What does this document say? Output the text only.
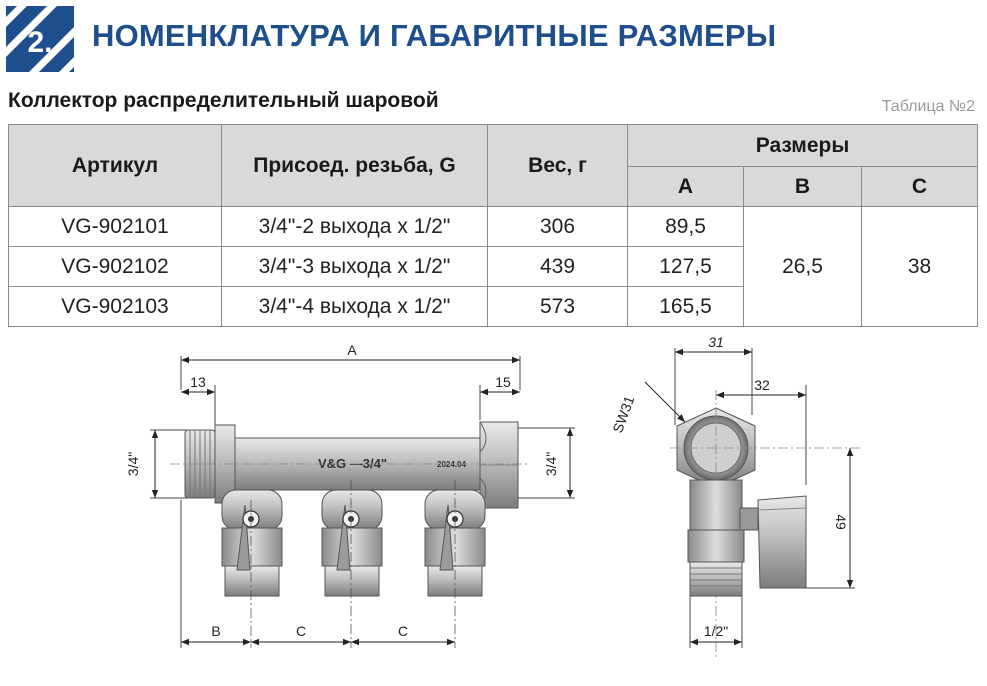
2. НОМЕНКЛАТУРА И ГАБАРИТНЫЕ РАЗМЕРЫ
Коллектор распределительный шаровой	Таблица №2
Артикул	Присоед. резьба, G	Вес, г	Размеры		
			A	B	C
VG-902101	3/4"-2 выхода х 1/2"	306	89,5	26,5	38
VG-902102	3/4"-3 выхода х 1/2"	439	127,5		
VG-902103	3/4"-4 выхода х 1/2"	573	165,5		
A
13	15
3/4"	3/4"
V&G —3/4"	2024.04
B	C	C
31
32
SW31
49
1/2"
